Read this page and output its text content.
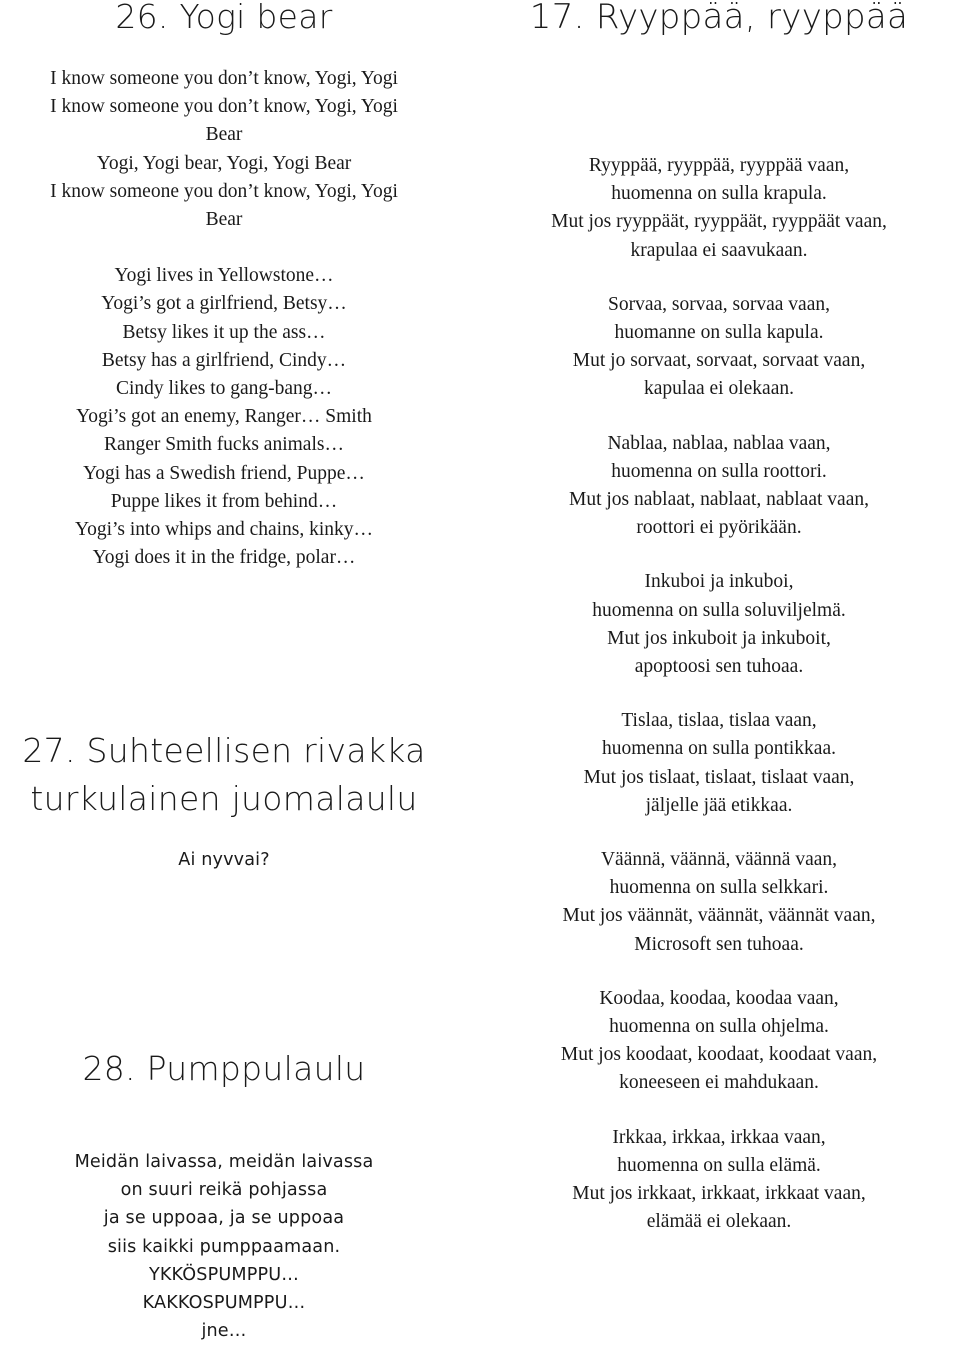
26. Yogi bear
I know someone you don’t know, Yogi, Yogi
I know someone you don’t know, Yogi, Yogi
Bear
Yogi, Yogi bear, Yogi, Yogi Bear
I know someone you don’t know, Yogi, Yogi
Bear
Yogi lives in Yellowstone…
Yogi’s got a girlfriend, Betsy…
Betsy likes it up the ass…
Betsy has a girlfriend, Cindy…
Cindy likes to gang-bang…
Yogi’s got an enemy, Ranger… Smith
Ranger Smith fucks animals…
Yogi has a Swedish friend, Puppe…
Puppe likes it from behind…
Yogi’s into whips and chains, kinky…
Yogi does it in the fridge, polar…
27. Suhteellisen rivakka
turkulainen juomalaulu
Ai nyvvai?
28. Pumppulaulu
Meidän laivassa, meidän laivassa
on suuri reikä pohjassa
ja se uppoaa, ja se uppoaa
siis kaikki pumppaamaan.
YKKÖSPUMPPU…
KAKKOSPUMPPU…
jne…
17. Ryyppää, ryyppää
Ryyppää, ryyppää, ryyppää vaan,
huomenna on sulla krapula.
Mut jos ryyppäät, ryyppäät, ryyppäät vaan,
krapulaa ei saavukaan.
Sorvaa, sorvaa, sorvaa vaan,
huomanne on sulla kapula.
Mut jo sorvaat, sorvaat, sorvaat vaan,
kapulaa ei olekaan.
Nablaa, nablaa, nablaa vaan,
huomenna on sulla roottori.
Mut jos nablaat, nablaat, nablaat vaan,
roottori ei pyörikään.
Inkuboi ja inkuboi,
huomenna on sulla soluviljelmä.
Mut jos inkuboit ja inkuboit,
apoptoosi sen tuhoaa.
Tislaa, tislaa, tislaa vaan,
huomenna on sulla pontikkaa.
Mut jos tislaat, tislaat, tislaat vaan,
jäljelle jää etikkaa.
Väännä, väännä, väännä vaan,
huomenna on sulla selkkari.
Mut jos väännät, väännät, väännät vaan,
Microsoft sen tuhoaa.
Koodaa, koodaa, koodaa vaan,
huomenna on sulla ohjelma.
Mut jos koodaat, koodaat, koodaat vaan,
koneeseen ei mahdukaan.
Irkkaa, irkkaa, irkkaa vaan,
huomenna on sulla elämä.
Mut jos irkkaat, irkkaat, irkkaat vaan,
elämää ei olekaan.
